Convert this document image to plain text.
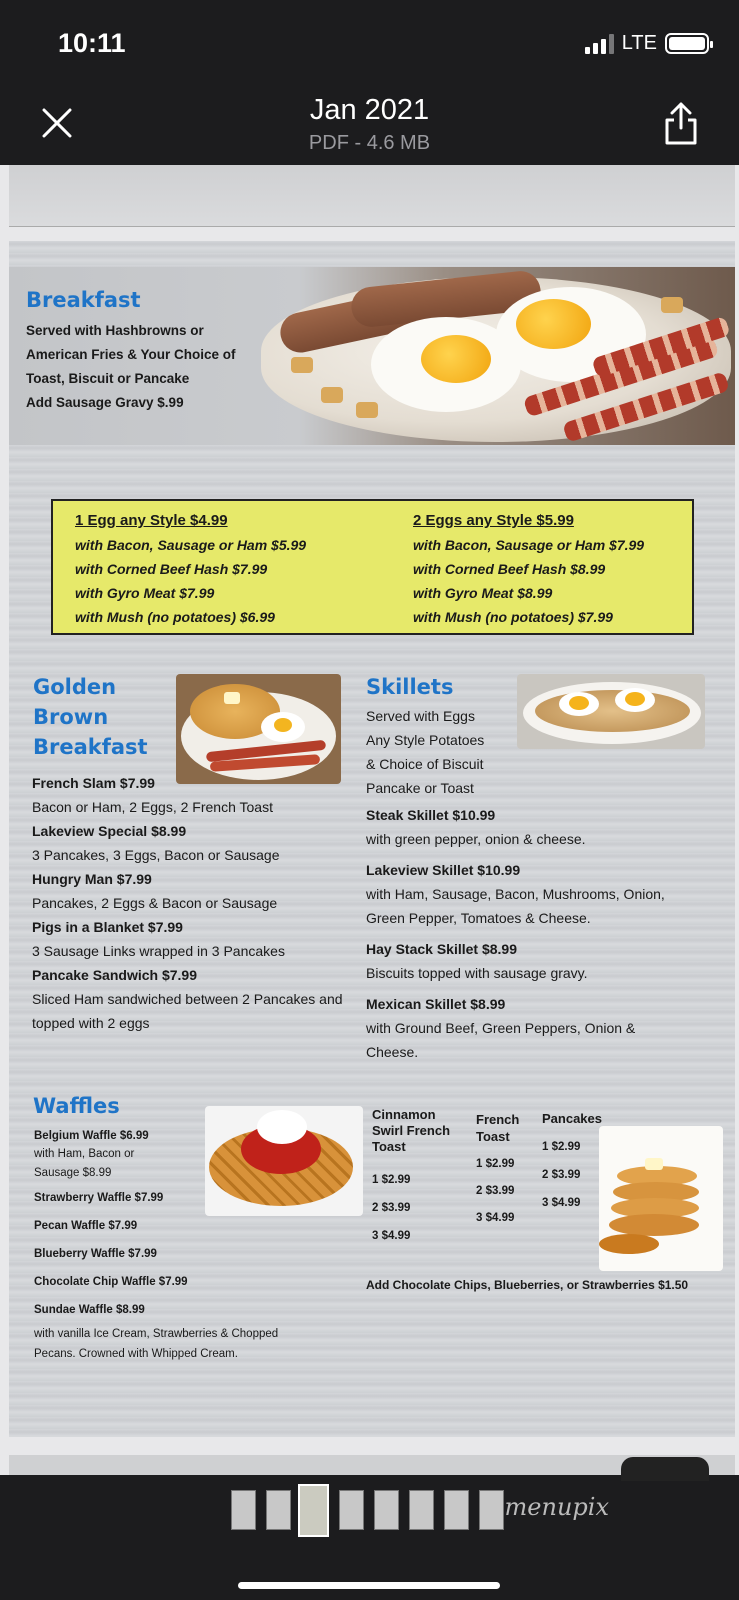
10:11	LTE
Jan 2021
PDF - 4.6 MB
Breakfast
Served with Hashbrowns or
American Fries & Your Choice of
Toast, Biscuit or Pancake
Add Sausage Gravy $.99
1 Egg any Style $4.99
with Bacon, Sausage or Ham $5.99
with Corned Beef Hash $7.99
with Gyro Meat $7.99
with Mush (no potatoes) $6.99
2 Eggs any Style $5.99
with Bacon, Sausage or Ham $7.99
with Corned Beef Hash $8.99
with Gyro Meat $8.99
with Mush (no potatoes) $7.99
Golden
Brown
Breakfast
French Slam $7.99
Bacon or Ham, 2 Eggs, 2 French Toast
Lakeview Special $8.99
3 Pancakes, 3 Eggs, Bacon or Sausage
Hungry Man $7.99
Pancakes, 2 Eggs & Bacon or Sausage
Pigs in a Blanket $7.99
3 Sausage Links wrapped in 3 Pancakes
Pancake Sandwich $7.99
Sliced Ham sandwiched between 2 Pancakes and
topped with 2 eggs
Skillets
Served with Eggs
Any Style Potatoes
& Choice of Biscuit
Pancake or Toast
Steak Skillet $10.99
with green pepper, onion & cheese.
Lakeview Skillet $10.99
with Ham, Sausage, Bacon, Mushrooms, Onion,
Green Pepper, Tomatoes & Cheese.
Hay Stack Skillet $8.99
Biscuits topped with sausage gravy.
Mexican Skillet $8.99
with Ground Beef, Green Peppers, Onion &
Cheese.
Waffles
Belgium Waffle $6.99
with Ham, Bacon or
Sausage $8.99
Strawberry Waffle $7.99
Pecan Waffle $7.99
Blueberry Waffle $7.99
Chocolate Chip Waffle $7.99
Sundae Waffle $8.99
with vanilla Ice Cream, Strawberries & Chopped
Pecans. Crowned with Whipped Cream.
Cinnamon
Swirl French
Toast
1 $2.99
2 $3.99
3 $4.99
French
Toast
1 $2.99
2 $3.99
3 $4.99
Pancakes
1 $2.99
2 $3.99
3 $4.99
Add Chocolate Chips, Blueberries, or Strawberries $1.50
menupix
